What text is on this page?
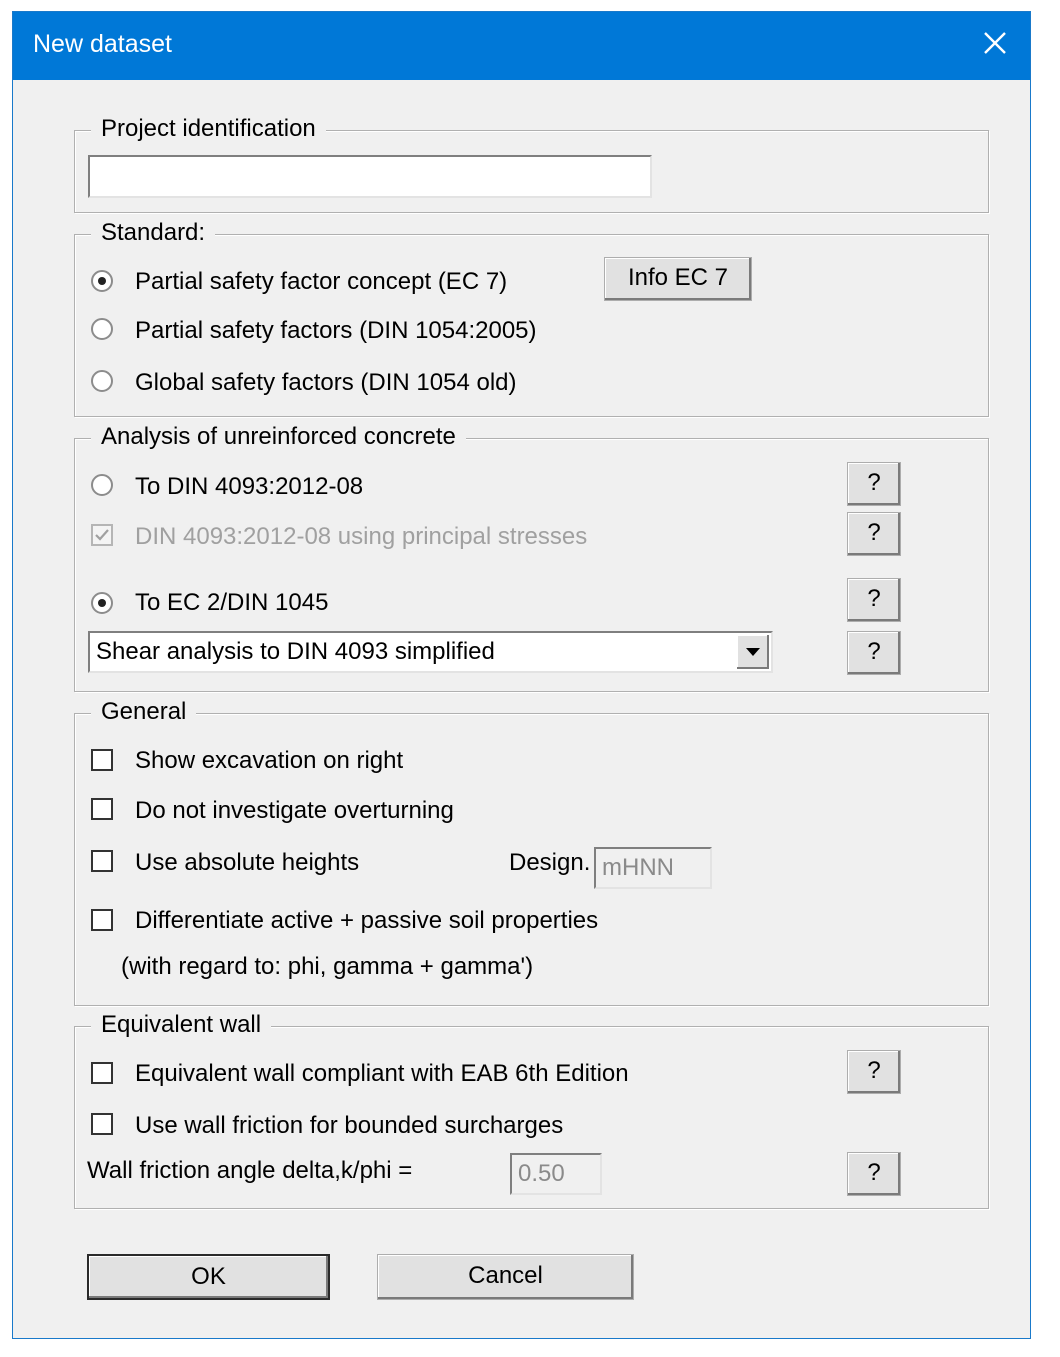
New dataset
Project identification
Standard:
Partial safety factor concept (EC 7)
Partial safety factors (DIN 1054:2005)
Global safety factors (DIN 1054 old)
Info EC 7
Analysis of unreinforced concrete
To DIN 4093:2012-08	?
DIN 4093:2012-08 using principal stresses	?
To EC 2/DIN 1045	?
Shear analysis to DIN 4093 simplified	?
General
Show excavation on right
Do not investigate overturning
Use absolute heights	Design. mHNN
Differentiate active + passive soil properties
(with regard to: phi, gamma + gamma')
Equivalent wall
Equivalent wall compliant with EAB 6th Edition	?
Use wall friction for bounded surcharges
Wall friction angle delta,k/phi =	0.50	?
OK	Cancel
